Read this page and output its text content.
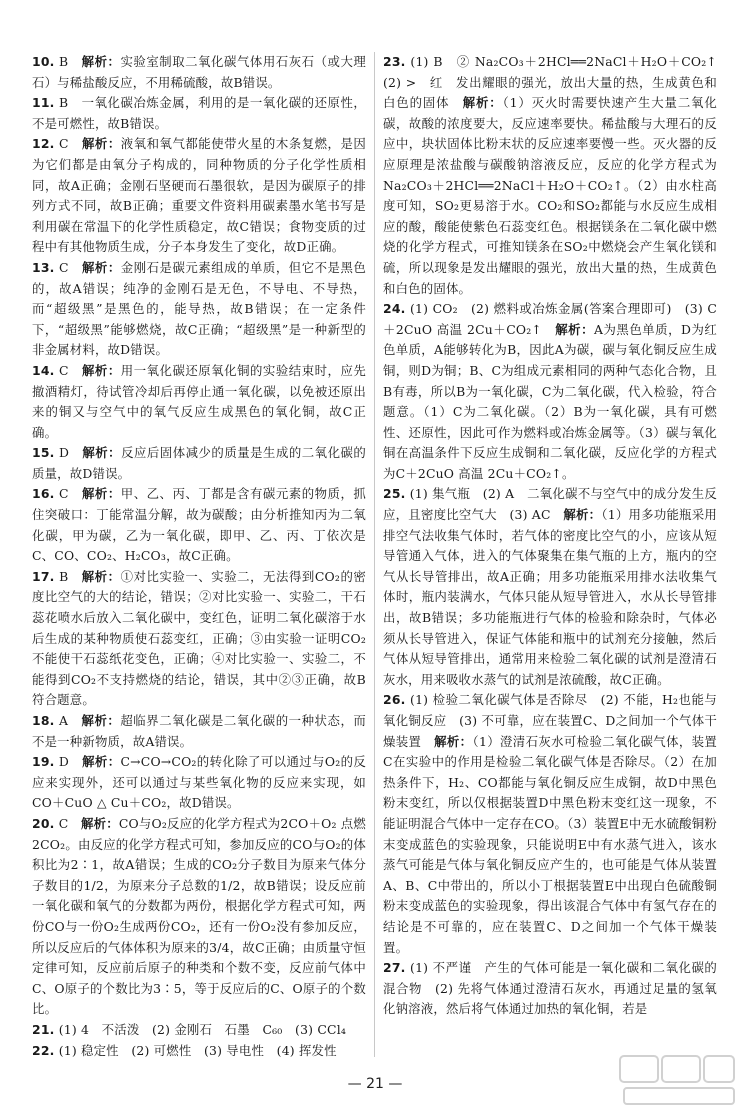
10. B　解析：实验室制取二氧化碳气体用石灰石（或大理石）与稀盐酸反应，不用稀硫酸，故B错误。

11. B　一氧化碳冶炼金属，利用的是一氧化碳的还原性，不是可燃性，故B错误。

12. C　解析：液氧和氧气都能使带火星的木条复燃，是因为它们都是由氧分子构成的，同种物质的分子化学性质相同，故A正确；金刚石坚硬而石墨很软，是因为碳原子的排列方式不同，故B正确；重要文件资料用碳素墨水笔书写是利用碳在常温下的化学性质稳定，故C错误；食物变质的过程中有其他物质生成，分子本身发生了变化，故D正确。

13. C　解析：金刚石是碳元素组成的单质，但它不是黑色的，故A错误；纯净的金刚石是无色，不导电、不导热，而“超级黑”是黑色的，能导热，故B错误；在一定条件下，“超级黑”能够燃烧，故C正确；“超级黑”是一种新型的非金属材料，故D错误。

14. C　解析：用一氧化碳还原氧化铜的实验结束时，应先撤酒精灯，待试管冷却后再停止通一氧化碳，以免被还原出来的铜又与空气中的氧气反应生成黑色的氧化铜，故C正确。

15. D　解析：反应后固体减少的质量是生成的二氧化碳的质量，故D错误。

16. C　解析：甲、乙、丙、丁都是含有碳元素的物质，抓住突破口：丁能常温分解，故为碳酸；由分析推知丙为二氧化碳，甲为碳，乙为一氧化碳，即甲、乙、丙、丁依次是C、CO、CO₂、H₂CO₃，故C正确。

17. B　解析：①对比实验一、实验二，无法得到CO₂的密度比空气的大的结论，错误；②对比实验一、实验二，干石蕊花喷水后放入二氧化碳中，变红色，证明二氧化碳溶于水后生成的某种物质使石蕊变红，正确；③由实验一证明CO₂不能使干石蕊纸花变色，正确；④对比实验一、实验二，不能得到CO₂不支持燃烧的结论，错误，其中②③正确，故B符合题意。

18. A　解析：超临界二氧化碳是二氧化碳的一种状态，而不是一种新物质，故A错误。

19. D　解析：C→CO→CO₂的转化除了可以通过与O₂的反应来实现外，还可以通过与某些氧化物的反应来实现，如CO＋CuO △ Cu＋CO₂，故D错误。

20. C　解析：CO与O₂反应的化学方程式为2CO＋O₂ 点燃 2CO₂。由反应的化学方程式可知，参加反应的CO与O₂的体积比为2∶1，故A错误；生成的CO₂分子数目为原来气体分子数目的1/2，为原来分子总数的1/2，故B错误；设反应前一氧化碳和氧气的分数都为两份，根据化学方程式可知，两份CO与一份O₂生成两份CO₂，还有一份O₂没有参加反应，所以反应后的气体体积为原来的3/4，故C正确；由质量守恒定律可知，反应前后原子的种类和个数不变，反应前气体中C、O原子的个数比为3∶5，等于反应后的C、O原子的个数比。

21. (1) 4　不活泼　(2) 金刚石　石墨　C₆₀　(3) CCl₄　

22. (1) 稳定性　(2) 可燃性　(3) 导电性　(4) 挥发性　

23. (1) B　② Na₂CO₃＋2HCl══2NaCl＋H₂O＋CO₂↑　(2) >　红　发出耀眼的强光，放出大量的热，生成黄色和白色的固体　解析：（1）灭火时需要快速产生大量二氧化碳，故酸的浓度要大，反应速率要快。稀盐酸与大理石的反应中，块状固体比粉末状的反应速率要慢一些。灭火器的反应原理是浓盐酸与碳酸钠溶液反应，反应的化学方程式为Na₂CO₃＋2HCl══2NaCl＋H₂O＋CO₂↑。（2）由水柱高度可知，SO₂更易溶于水。CO₂和SO₂都能与水反应生成相应的酸，酸能使紫色石蕊变红色。根据镁条在二氧化碳中燃烧的化学方程式，可推知镁条在SO₂中燃烧会产生氧化镁和硫，所以现象是发出耀眼的强光，放出大量的热，生成黄色和白色的固体。

24. (1) CO₂　(2) 燃料或冶炼金属(答案合理即可)　(3) C＋2CuO 高温 2Cu＋CO₂↑　解析：A为黑色单质，D为红色单质，A能够转化为B，因此A为碳，碳与氧化铜反应生成铜，则D为铜；B、C为组成元素相同的两种气态化合物，且B有毒，所以B为一氧化碳，C为二氧化碳，代入检验，符合题意。（1）C为二氧化碳。（2）B为一氧化碳，具有可燃性、还原性，因此可作为燃料或冶炼金属等。（3）碳与氧化铜在高温条件下反应生成铜和二氧化碳，反应化学的方程式为C＋2CuO 高温 2Cu＋CO₂↑。

25. (1) 集气瓶　(2) A　二氧化碳不与空气中的成分发生反应，且密度比空气大　(3) AC　解析：（1）用多功能瓶采用排空气法收集气体时，若气体的密度比空气的小，应该从短导管通入气体，进入的气体聚集在集气瓶的上方，瓶内的空气从长导管排出，故A正确；用多功能瓶采用排水法收集气体时，瓶内装满水，气体只能从短导管进入，水从长导管排出，故B错误；多功能瓶进行气体的检验和除杂时，气体必须从长导管进入，保证气体能和瓶中的试剂充分接触，然后气体从短导管排出，通常用来检验二氧化碳的试剂是澄清石灰水，用来吸收水蒸气的试剂是浓硫酸，故C正确。

26. (1) 检验二氧化碳气体是否除尽　(2) 不能，H₂也能与氧化铜反应　(3) 不可靠，应在装置C、D之间加一个气体干燥装置　解析：（1）澄清石灰水可检验二氧化碳气体，装置C在实验中的作用是检验二氧化碳气体是否除尽。（2）在加热条件下，H₂、CO都能与氧化铜反应生成铜，故D中黑色粉末变红，所以仅根据装置D中黑色粉末变红这一现象，不能证明混合气体中一定存在CO。（3）装置E中无水硫酸铜粉末变成蓝色的实验现象，只能说明E中有水蒸气进入，该水蒸气可能是气体与氧化铜反应产生的，也可能是气体从装置A、B、C中带出的，所以小丁根据装置E中出现白色硫酸铜粉末变成蓝色的实验现象，得出该混合气体中有氢气存在的结论是不可靠的，应在装置C、D之间加一个气体干燥装置。

27. (1) 不严谨　产生的气体可能是一氧化碳和二氧化碳的混合物　(2) 先将气体通过澄清石灰水，再通过足量的氢氧化钠溶液，然后将气体通过加热的氧化铜，若是　

— 21 —
